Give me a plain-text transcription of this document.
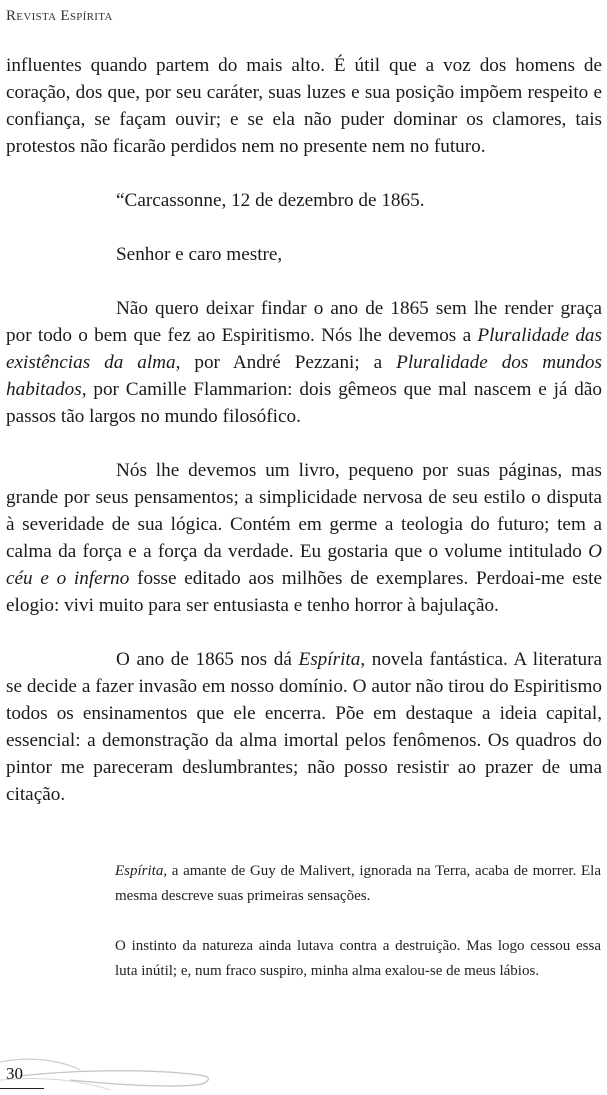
Revista Espírita

influentes quando partem do mais alto. É útil que a voz dos homens de coração, dos que, por seu caráter, suas luzes e sua posição impõem respeito e confiança, se façam ouvir; e se ela não puder dominar os clamores, tais protestos não ficarão perdidos nem no presente nem no futuro.

“Carcassonne, 12 de dezembro de 1865.

Senhor e caro mestre,

Não quero deixar findar o ano de 1865 sem lhe render graça por todo o bem que fez ao Espiritismo. Nós lhe devemos a Pluralidade das existências da alma, por André Pezzani; a Pluralidade dos mundos habitados, por Camille Flammarion: dois gêmeos que mal nascem e já dão passos tão largos no mundo filosófico.

Nós lhe devemos um livro, pequeno por suas páginas, mas grande por seus pensamentos; a simplicidade nervosa de seu estilo o disputa à severidade de sua lógica. Contém em germe a teologia do futuro; tem a calma da força e a força da verdade. Eu gostaria que o volume intitulado O céu e o inferno fosse editado aos milhões de exemplares. Perdoai-me este elogio: vivi muito para ser entusiasta e tenho horror à bajulação.

O ano de 1865 nos dá Espírita, novela fantástica. A literatura se decide a fazer invasão em nosso domínio. O autor não tirou do Espiritismo todos os ensinamentos que ele encerra. Põe em destaque a ideia capital, essencial: a demonstração da alma imortal pelos fenômenos. Os quadros do pintor me pareceram deslumbrantes; não posso resistir ao prazer de uma citação.

Espírita, a amante de Guy de Malivert, ignorada na Terra, acaba de morrer. Ela mesma descreve suas primeiras sensações.

O instinto da natureza ainda lutava contra a destruição. Mas logo cessou essa luta inútil; e, num fraco suspiro, minha alma exalou-se de meus lábios.

30
